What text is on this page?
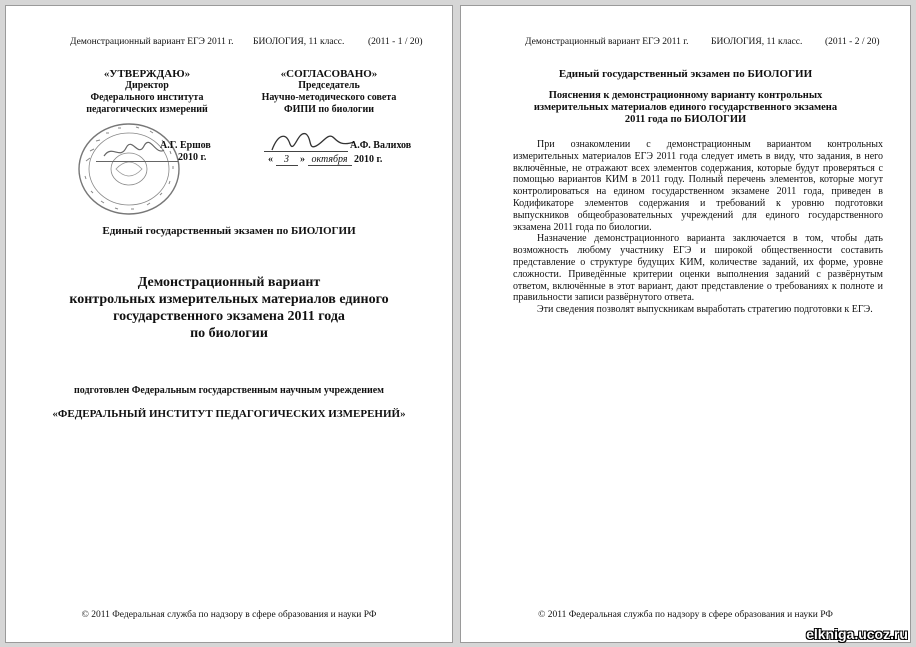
Демонстрационный вариант ЕГЭ 2011 г. БИОЛОГИЯ, 11 класс. (2011 - 1 / 20)
«УТВЕРЖДАЮ»
Директор
Федерального института
педагогических измерений
«СОГЛАСОВАНО»
Председатель
Научно-методического совета
ФИПИ по биологии
А.Г. Ершов
2010 г.
А.Ф. Валихов
« 3 » октября 2010 г.
Единый государственный экзамен по БИОЛОГИИ
Демонстрационный вариант
контрольных измерительных материалов единого
государственного экзамена 2011 года
по биологии
подготовлен Федеральным государственным научным учреждением
«ФЕДЕРАЛЬНЫЙ ИНСТИТУТ ПЕДАГОГИЧЕСКИХ ИЗМЕРЕНИЙ»
© 2011 Федеральная служба по надзору в сфере образования и науки РФ
Демонстрационный вариант ЕГЭ 2011 г. БИОЛОГИЯ, 11 класс. (2011 - 2 / 20)
Единый государственный экзамен по БИОЛОГИИ
Пояснения к демонстрационному варианту контрольных
измерительных материалов единого государственного экзамена
2011 года по БИОЛОГИИ

При ознакомлении с демонстрационным вариантом контрольных измерительных материалов ЕГЭ 2011 года следует иметь в виду, что задания, в него включённые, не отражают всех элементов содержания, которые будут проверяться с помощью вариантов КИМ в 2011 году. Полный перечень элементов, которые могут контролироваться на едином государственном экзамене 2011 года, приведен в Кодификаторе элементов содержания и требований к уровню подготовки выпускников общеобразовательных учреждений для единого государственного экзамена 2011 года по биологии.

Назначение демонстрационного варианта заключается в том, чтобы дать возможность любому участнику ЕГЭ и широкой общественности составить представление о структуре будущих КИМ, количестве заданий, их форме, уровне сложности. Приведённые критерии оценки выполнения заданий с развёрнутым ответом, включённые в этот вариант, дают представление о требованиях к полноте и правильности записи развёрнутого ответа.

Эти сведения позволят выпускникам выработать стратегию подготовки к ЕГЭ.

© 2011 Федеральная служба по надзору в сфере образования и науки РФ
elkniga.ucoz.ru
